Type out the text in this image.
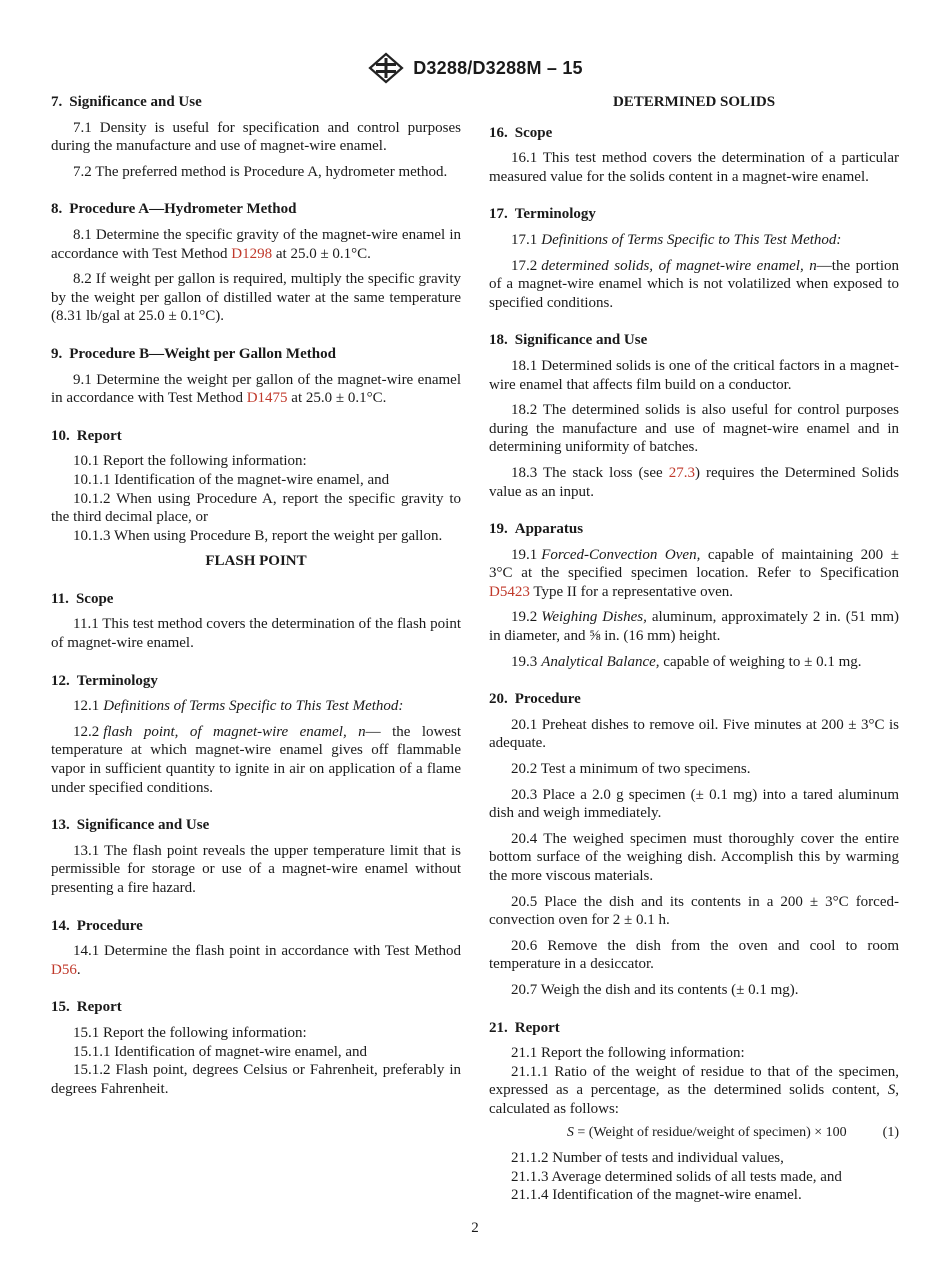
D3288/D3288M – 15
7. Significance and Use
7.1 Density is useful for specification and control purposes during the manufacture and use of magnet-wire enamel.
7.2 The preferred method is Procedure A, hydrometer method.
8. Procedure A—Hydrometer Method
8.1 Determine the specific gravity of the magnet-wire enamel in accordance with Test Method D1298 at 25.0 ± 0.1°C.
8.2 If weight per gallon is required, multiply the specific gravity by the weight per gallon of distilled water at the same temperature (8.31 lb/gal at 25.0 ± 0.1°C).
9. Procedure B—Weight per Gallon Method
9.1 Determine the weight per gallon of the magnet-wire enamel in accordance with Test Method D1475 at 25.0 ± 0.1°C.
10. Report
10.1 Report the following information:
10.1.1 Identification of the magnet-wire enamel, and
10.1.2 When using Procedure A, report the specific gravity to the third decimal place, or
10.1.3 When using Procedure B, report the weight per gallon.
FLASH POINT
11. Scope
11.1 This test method covers the determination of the flash point of magnet-wire enamel.
12. Terminology
12.1 Definitions of Terms Specific to This Test Method:
12.2 flash point, of magnet-wire enamel, n— the lowest temperature at which magnet-wire enamel gives off flammable vapor in sufficient quantity to ignite in air on application of a flame under specified conditions.
13. Significance and Use
13.1 The flash point reveals the upper temperature limit that is permissible for storage or use of a magnet-wire enamel without presenting a fire hazard.
14. Procedure
14.1 Determine the flash point in accordance with Test Method D56.
15. Report
15.1 Report the following information:
15.1.1 Identification of magnet-wire enamel, and
15.1.2 Flash point, degrees Celsius or Fahrenheit, preferably in degrees Fahrenheit.
DETERMINED SOLIDS
16. Scope
16.1 This test method covers the determination of a particular measured value for the solids content in a magnet-wire enamel.
17. Terminology
17.1 Definitions of Terms Specific to This Test Method:
17.2 determined solids, of magnet-wire enamel, n—the portion of a magnet-wire enamel which is not volatilized when exposed to specified conditions.
18. Significance and Use
18.1 Determined solids is one of the critical factors in a magnet-wire enamel that affects film build on a conductor.
18.2 The determined solids is also useful for control purposes during the manufacture and use of magnet-wire enamel and in determining uniformity of batches.
18.3 The stack loss (see 27.3) requires the Determined Solids value as an input.
19. Apparatus
19.1 Forced-Convection Oven, capable of maintaining 200 ± 3°C at the specified specimen location. Refer to Specification D5423 Type II for a representative oven.
19.2 Weighing Dishes, aluminum, approximately 2 in. (51 mm) in diameter, and ⅝ in. (16 mm) height.
19.3 Analytical Balance, capable of weighing to ± 0.1 mg.
20. Procedure
20.1 Preheat dishes to remove oil. Five minutes at 200 ± 3°C is adequate.
20.2 Test a minimum of two specimens.
20.3 Place a 2.0 g specimen (± 0.1 mg) into a tared aluminum dish and weigh immediately.
20.4 The weighed specimen must thoroughly cover the entire bottom surface of the weighing dish. Accomplish this by warming the more viscous materials.
20.5 Place the dish and its contents in a 200 ± 3°C forced-convection oven for 2 ± 0.1 h.
20.6 Remove the dish from the oven and cool to room temperature in a desiccator.
20.7 Weigh the dish and its contents (± 0.1 mg).
21. Report
21.1 Report the following information:
21.1.1 Ratio of the weight of residue to that of the specimen, expressed as a percentage, as the determined solids content, S, calculated as follows:
S = (Weight of residue/weight of specimen) × 100	(1)
21.1.2 Number of tests and individual values,
21.1.3 Average determined solids of all tests made, and
21.1.4 Identification of the magnet-wire enamel.
2
